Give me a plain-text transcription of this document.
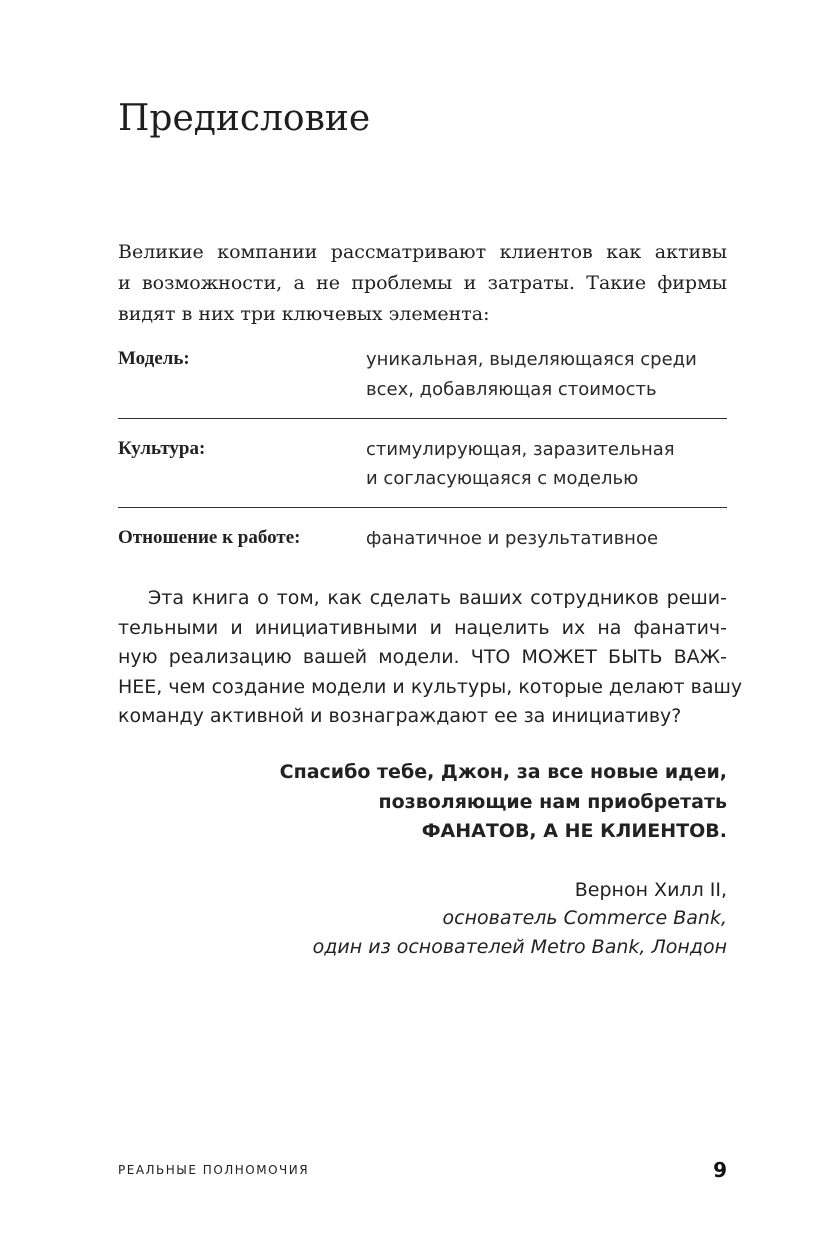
Предисловие
Великие компании рассматривают клиентов как активы
и возможности, а не проблемы и затраты. Такие фирмы
видят в них три ключевых элемента:
Модель:	уникальная, выделяющаяся среди
всех, добавляющая стоимость
Культура:	стимулирующая, заразительная
и согласующаяся с моделью
Отношение к работе:	фанатичное и результативное
Эта книга о том, как сделать ваших сотрудников реши-
тельными и инициативными и нацелить их на фанатич-
ную реализацию вашей модели. ЧТО МОЖЕТ БЫТЬ ВАЖ-
НЕЕ, чем создание модели и культуры, которые делают вашу
команду активной и вознаграждают ее за инициативу?
Спасибо тебе, Джон, за все новые идеи,
позволяющие нам приобретать
ФАНАТОВ, А НЕ КЛИЕНТОВ.
Вернон Хилл II,
основатель Commerce Bank,
один из основателей Metro Bank, Лондон
РЕАЛЬНЫЕ ПОЛНОМОЧИЯ	9
